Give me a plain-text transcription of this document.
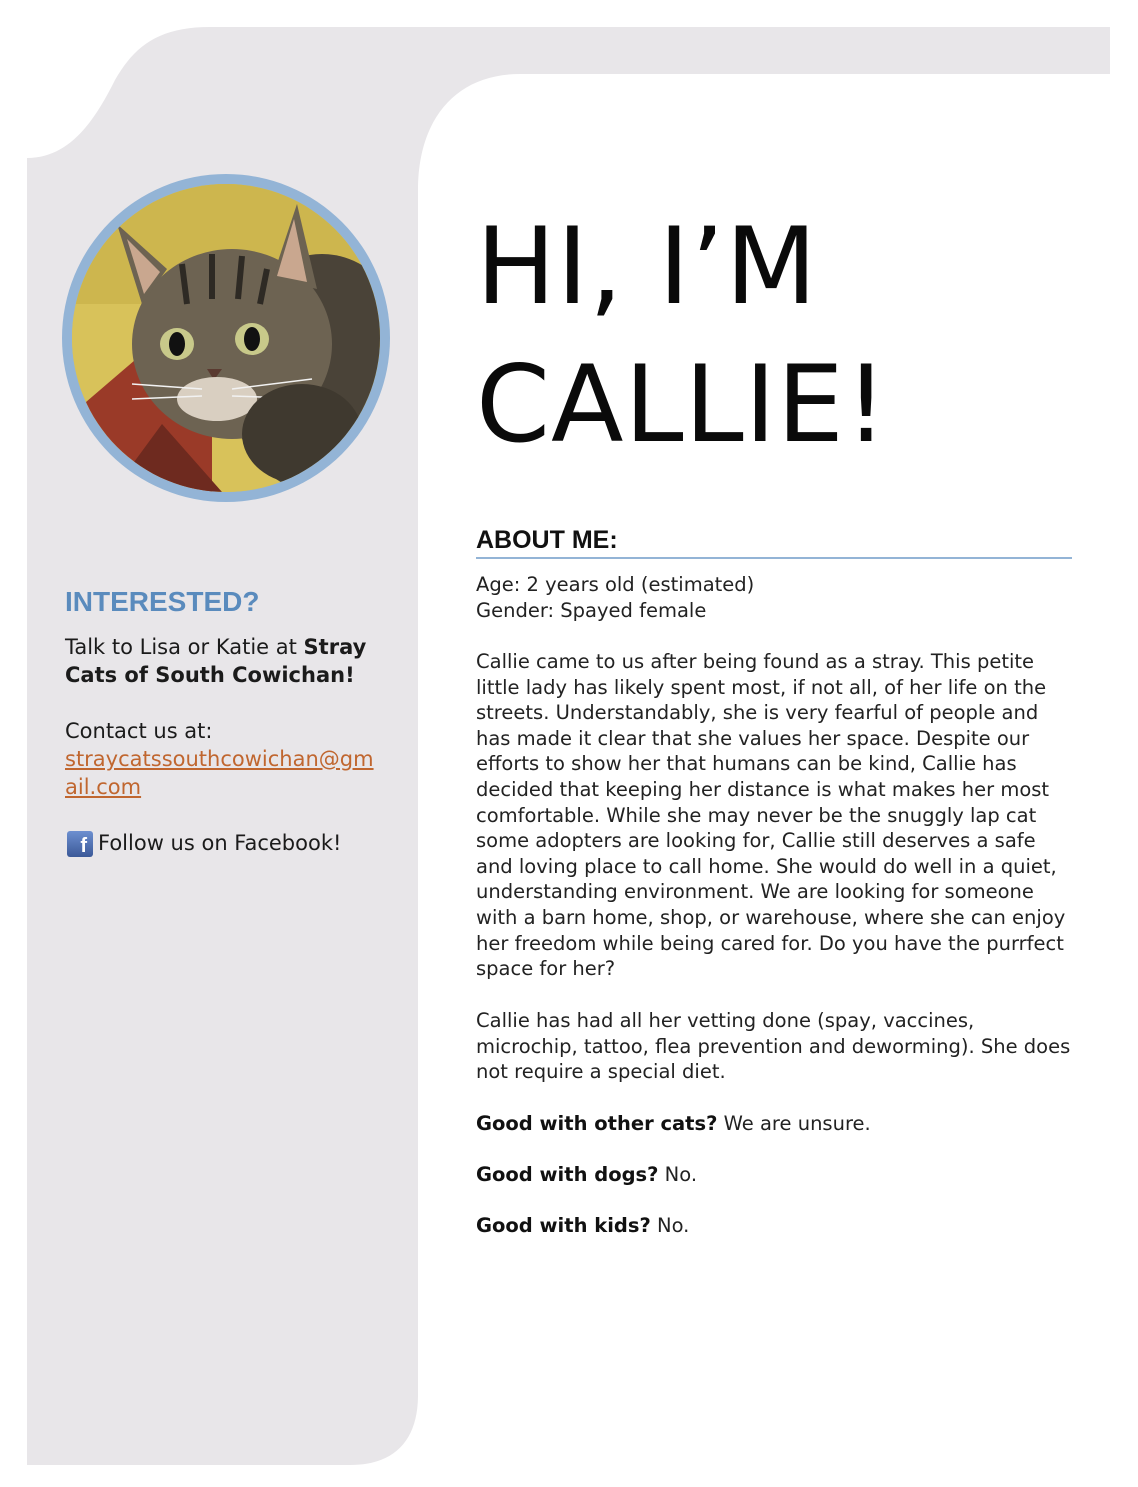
INTERESTED?
Talk to Lisa or Katie at Stray Cats of South Cowichan!
Contact us at:
straycatssouthcowichan@gmail.com
f Follow us on Facebook!
HI, I’M
CALLIE!
ABOUT ME:
Age: 2 years old (estimated)
Gender: Spayed female
Callie came to us after being found as a stray. This petite little lady has likely spent most, if not all, of her life on the streets. Understandably, she is very fearful of people and has made it clear that she values her space. Despite our efforts to show her that humans can be kind, Callie has decided that keeping her distance is what makes her most comfortable. While she may never be the snuggly lap cat some adopters are looking for, Callie still deserves a safe and loving place to call home. She would do well in a quiet, understanding environment. We are looking for someone with a barn home, shop, or warehouse, where she can enjoy her freedom while being cared for. Do you have the purrfect space for her?
Callie has had all her vetting done (spay, vaccines, microchip, tattoo, flea prevention and deworming). She does not require a special diet.
Good with other cats? We are unsure.
Good with dogs? No.
Good with kids? No.
